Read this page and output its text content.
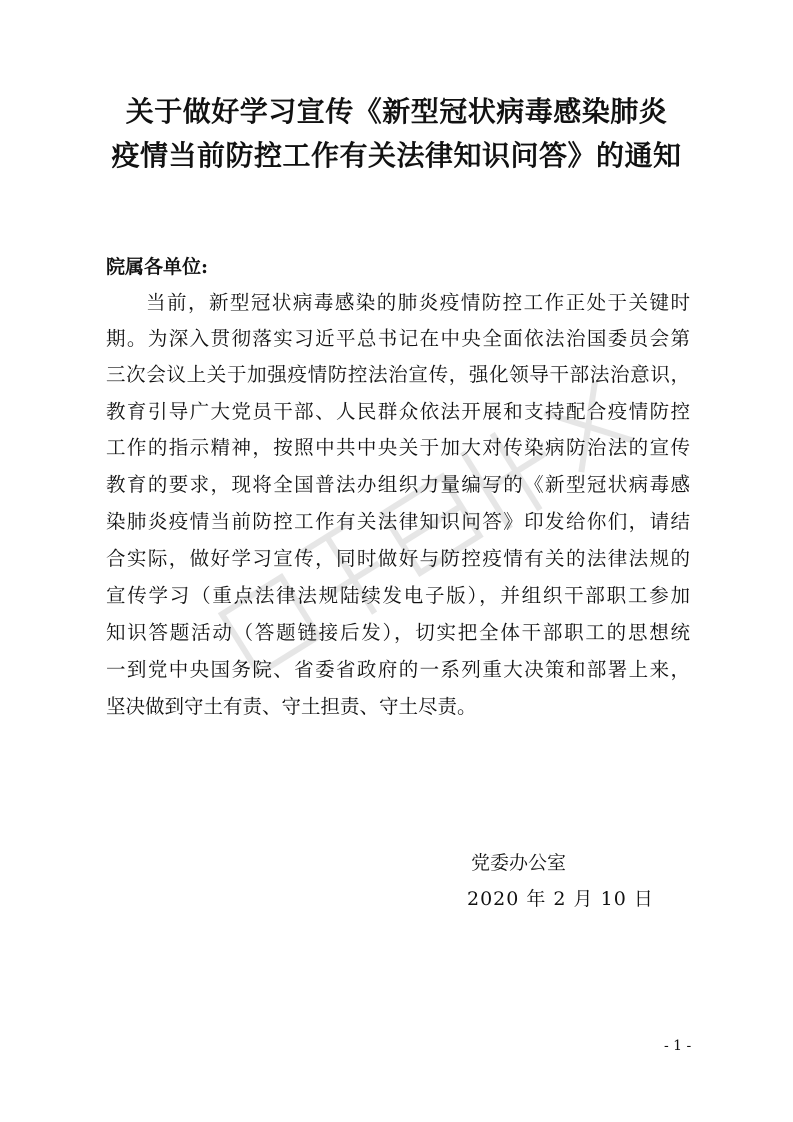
关于做好学习宣传《新型冠状病毒感染肺炎
疫情当前防控工作有关法律知识问答》的通知
院属各单位:
当前，新型冠状病毒感染的肺炎疫情防控工作正处于关键时
期。为深入贯彻落实习近平总书记在中央全面依法治国委员会第
三次会议上关于加强疫情防控法治宣传，强化领导干部法治意识，
教育引导广大党员干部、人民群众依法开展和支持配合疫情防控
工作的指示精神，按照中共中央关于加大对传染病防治法的宣传
教育的要求，现将全国普法办组织力量编写的《新型冠状病毒感
染肺炎疫情当前防控工作有关法律知识问答》印发给你们，请结
合实际，做好学习宣传，同时做好与防控疫情有关的法律法规的
宣传学习（重点法律法规陆续发电子版），并组织干部职工参加
知识答题活动（答题链接后发），切实把全体干部职工的思想统
一到党中央国务院、省委省政府的一系列重大决策和部署上来，
坚决做到守土有责、守土担责、守土尽责。
党委办公室
2020 年 2 月 10 日
- 1 -
